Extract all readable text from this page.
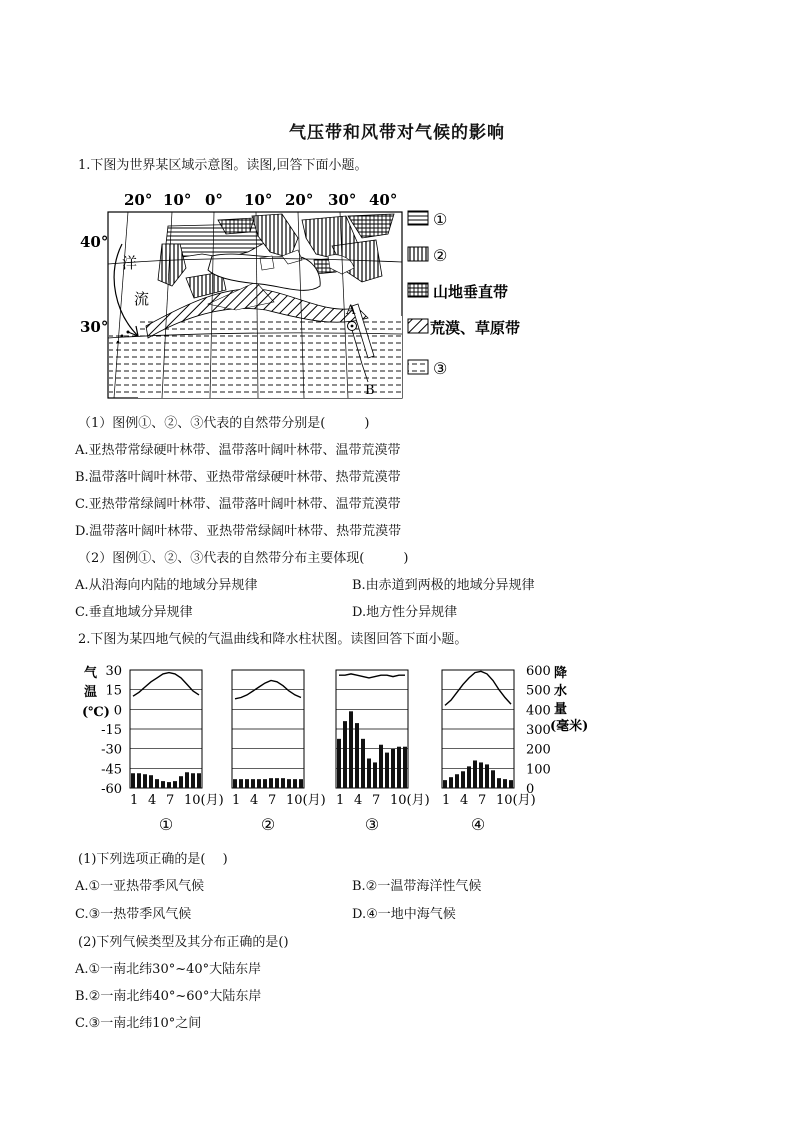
气压带和风带对气候的影响
1.下图为世界某区域示意图。读图,回答下面小题。
20° 10° 0° 10° 20° 30° 40°
40°
30°
洋
流
A
B
①
②
山地垂直带
荒漠、草原带
③
（1）图例①、②、③代表的自然带分别是(　　　)
A.亚热带常绿硬叶林带、温带落叶阔叶林带、温带荒漠带
B.温带落叶阔叶林带、亚热带常绿硬叶林带、热带荒漠带
C.亚热带常绿阔叶林带、温带落叶阔叶林带、温带荒漠带
D.温带落叶阔叶林带、亚热带常绿阔叶林带、热带荒漠带
（2）图例①、②、③代表的自然带分布主要体现(　　　)
A.从沿海向内陆的地域分异规律	B.由赤道到两极的地域分异规律
C.垂直地域分异规律	D.地方性分异规律
2.下图为某四地气候的气温曲线和降水柱状图。读图回答下面小题。
气 温 (℃)
降 水 量 (毫米)
30
15
0
-15
-30
-45
-60
600
500
400
300
200
100
0
1 4 7 10(月)
①
1 4 7 10(月)
②
1 4 7 10(月)
③
1 4 7 10(月)
④
(1)下列选项正确的是(　 )
A.①一亚热带季风气候	B.②一温带海洋性气候
C.③一热带季风气候	D.④一地中海气候
(2)下列气候类型及其分布正确的是()
A.①一南北纬30°~40°大陆东岸
B.②一南北纬40°~60°大陆东岸
C.③一南北纬10°之间
